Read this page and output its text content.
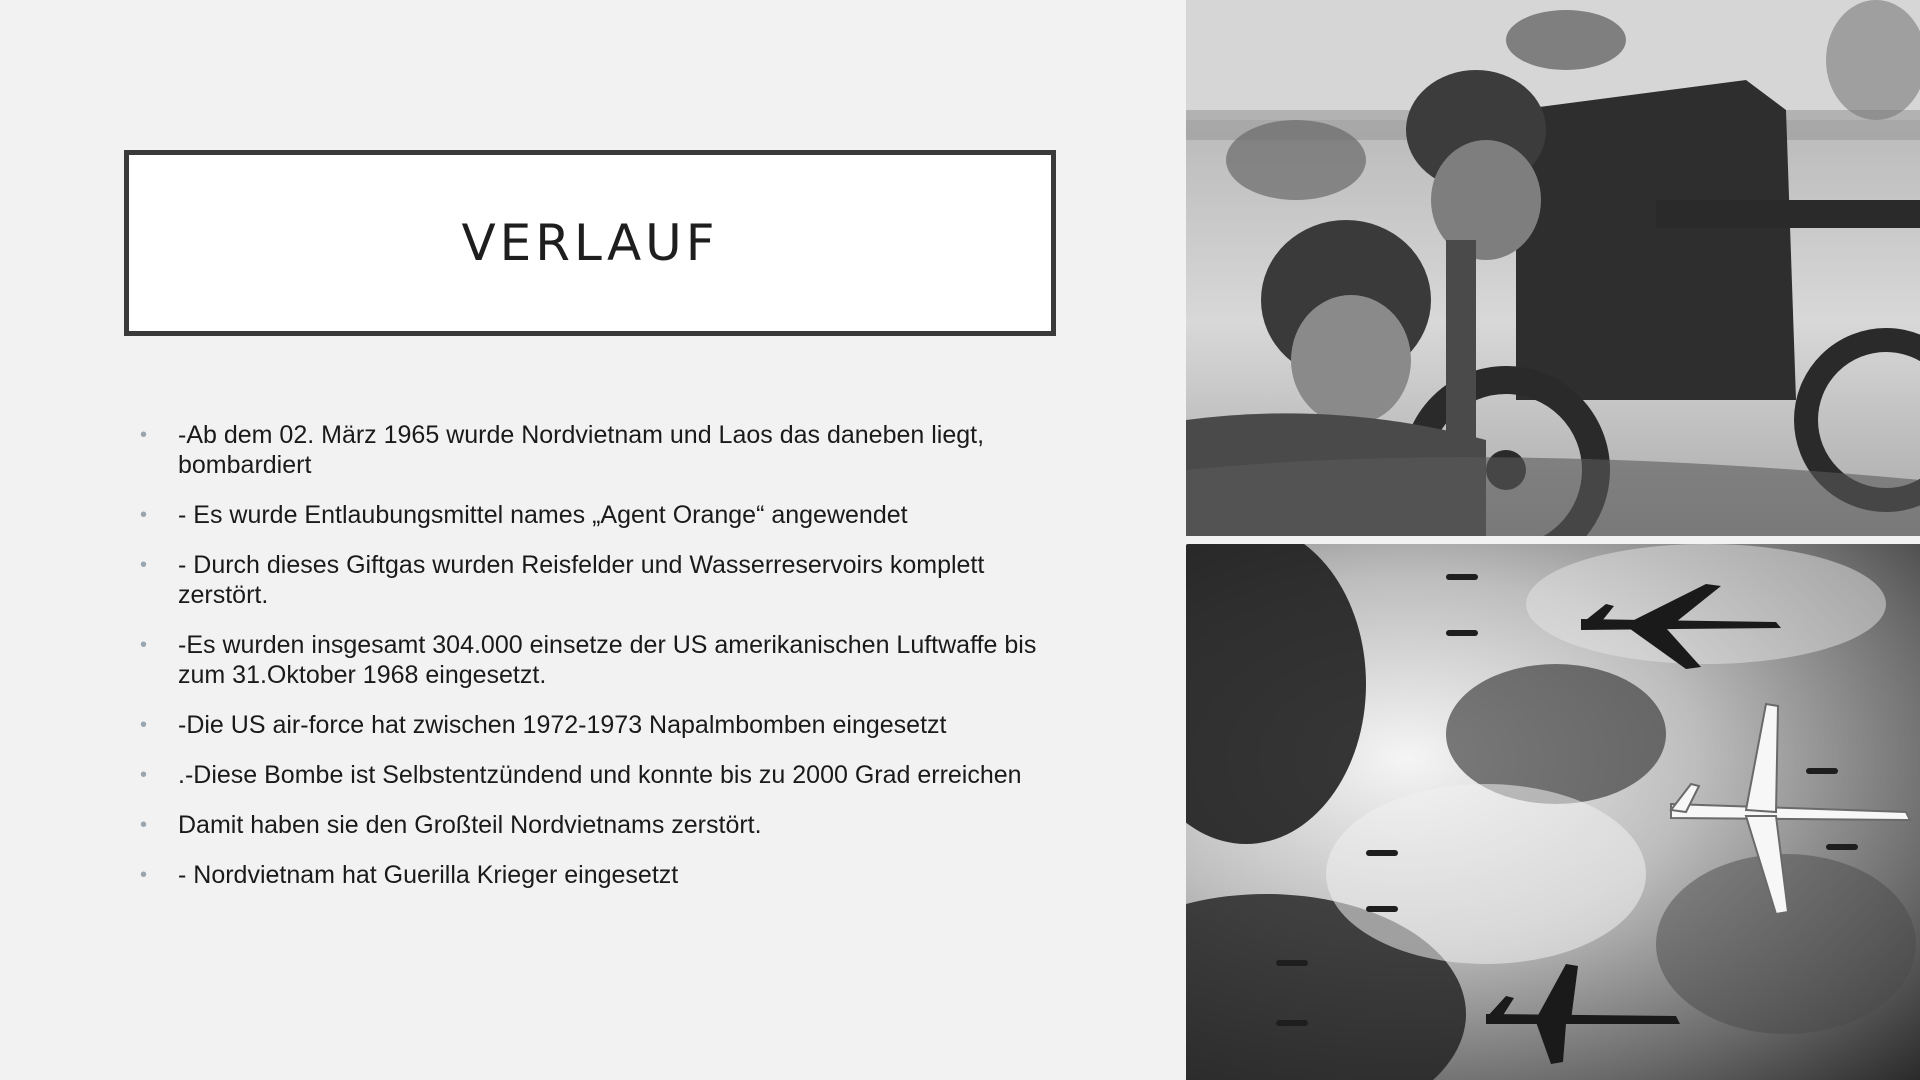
VERLAUF
• -Ab dem 02. März 1965 wurde Nordvietnam und Laos das daneben liegt, bombardiert
• - Es wurde Entlaubungsmittel names „Agent Orange“ angewendet
• - Durch dieses Giftgas wurden Reisfelder und Wasserreservoirs komplett zerstört.
• -Es wurden insgesamt 304.000 einsetze der US amerikanischen Luftwaffe bis zum 31.Oktober 1968 eingesetzt.
• -Die US air-force hat zwischen 1972-1973 Napalmbomben eingesetzt
• .-Diese Bombe ist Selbstentzündend und konnte bis zu 2000 Grad erreichen
• Damit haben sie den Großteil Nordvietnams zerstört.
• - Nordvietnam hat Guerilla Krieger eingesetzt
